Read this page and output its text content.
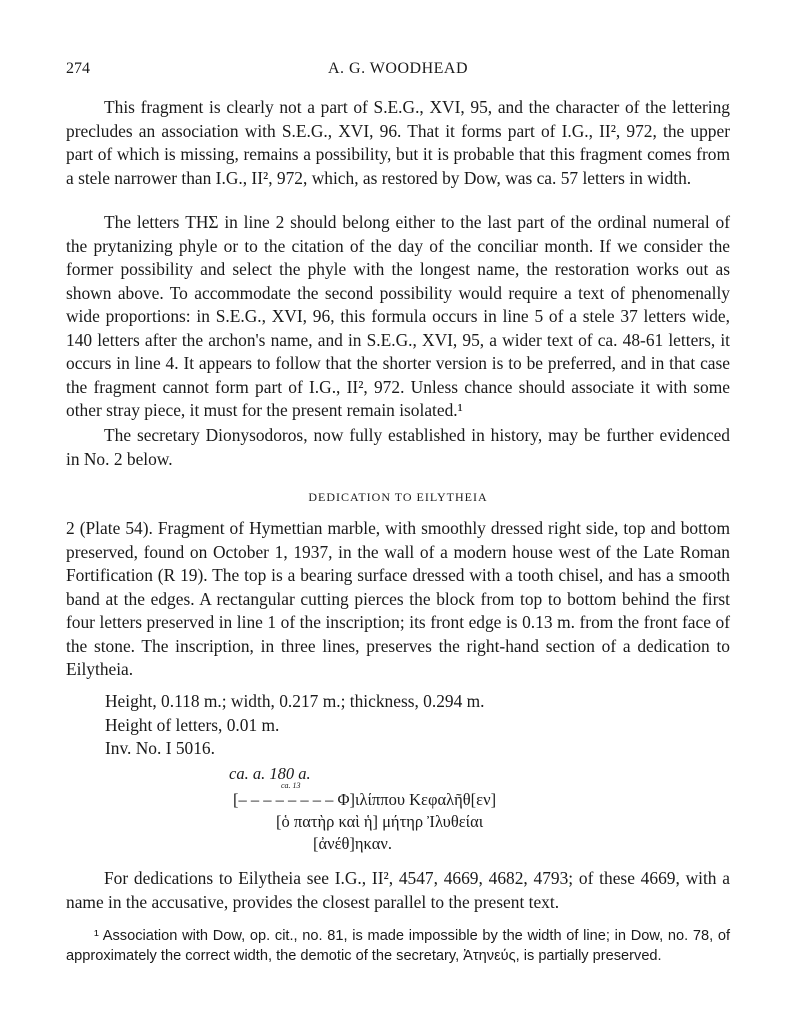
274	A. G. WOODHEAD

This fragment is clearly not a part of S.E.G., XVI, 95, and the character of the lettering precludes an association with S.E.G., XVI, 96. That it forms part of I.G., II², 972, the upper part of which is missing, remains a possibility, but it is probable that this fragment comes from a stele narrower than I.G., II², 972, which, as restored by Dow, was ca. 57 letters in width.

The letters ΤΗΣ in line 2 should belong either to the last part of the ordinal numeral of the prytanizing phyle or to the citation of the day of the conciliar month. If we consider the former possibility and select the phyle with the longest name, the restoration works out as shown above. To accommodate the second possibility would require a text of phenomenally wide proportions: in S.E.G., XVI, 96, this formula occurs in line 5 of a stele 37 letters wide, 140 letters after the archon's name, and in S.E.G., XVI, 95, a wider text of ca. 48-61 letters, it occurs in line 4. It appears to follow that the shorter version is to be preferred, and in that case the fragment cannot form part of I.G., II², 972. Unless chance should associate it with some other stray piece, it must for the present remain isolated.¹

The secretary Dionysodoros, now fully established in history, may be further evidenced in No. 2 below.

DEDICATION TO EILYTHEIA

2 (Plate 54). Fragment of Hymettian marble, with smoothly dressed right side, top and bottom preserved, found on October 1, 1937, in the wall of a modern house west of the Late Roman Fortification (R 19). The top is a bearing surface dressed with a tooth chisel, and has a smooth band at the edges. A rectangular cutting pierces the block from top to bottom behind the first four letters preserved in line 1 of the inscription; its front edge is 0.13 m. from the front face of the stone. The inscription, in three lines, preserves the right-hand section of a dedication to Eilytheia.

Height, 0.118 m.; width, 0.217 m.; thickness, 0.294 m.
Height of letters, 0.01 m.
Inv. No. I 5016.
ca. a. 180 a.
ca. 13
[– – – – – – – – Φ]ιλίππου Κεφαλῆθ[εν]
[ὁ πατὴρ καὶ ἡ] μήτηρ Ἰλυθείαι
[ἀνέθ]ηκαν.

For dedications to Eilytheia see I.G., II², 4547, 4669, 4682, 4793; of these 4669, with a name in the accusative, provides the closest parallel to the present text.

¹ Association with Dow, op. cit., no. 81, is made impossible by the width of line; in Dow, no. 78, of approximately the correct width, the demotic of the secretary, Ἀτηνεύς, is partially preserved.
